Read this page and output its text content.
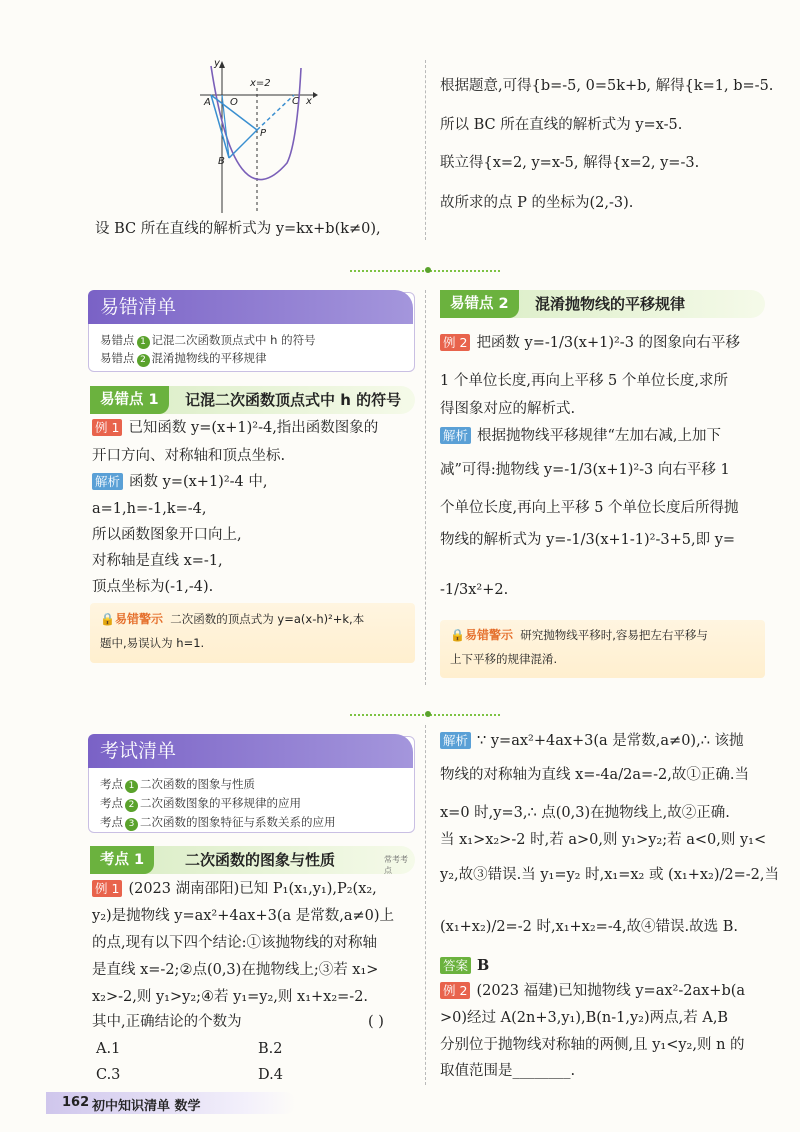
y
x=2
x
A O	C
P
B
设 BC 所在直线的解析式为 y=kx+b(k≠0),
根据题意,可得{b=-5, 0=5k+b, 解得{k=1, b=-5.
所以 BC 所在直线的解析式为 y=x-5.
联立得{x=2, y=x-5, 解得{x=2, y=-3.
故所求的点 P 的坐标为(2,-3).
易错清单
易错点 1 记混二次函数顶点式中 h 的符号
易错点 2 混淆抛物线的平移规律
易错点 1	记混二次函数顶点式中 h 的符号
例 1 已知函数 y=(x+1)²-4,指出函数图象的
开口方向、对称轴和顶点坐标.
解析 函数 y=(x+1)²-4 中,
a=1,h=-1,k=-4,
所以函数图象开口向上,
对称轴是直线 x=-1,
顶点坐标为(-1,-4).
🔒易错警示 二次函数的顶点式为 y=a(x-h)²+k,本
题中,易误认为 h=1.
易错点 2	混淆抛物线的平移规律
例 2 把函数 y=-1/3(x+1)²-3 的图象向右平移
1 个单位长度,再向上平移 5 个单位长度,求所
得图象对应的解析式.
解析 根据抛物线平移规律“左加右减,上加下
减”可得:抛物线 y=-1/3(x+1)²-3 向右平移 1
个单位长度,再向上平移 5 个单位长度后所得抛
物线的解析式为 y=-1/3(x+1-1)²-3+5,即 y=
-1/3x²+2.
🔒易错警示 研究抛物线平移时,容易把左右平移与
上下平移的规律混淆.
考试清单
考点 1 二次函数的图象与性质
考点 2 二次函数图象的平移规律的应用
考点 3 二次函数的图象特征与系数关系的应用
考点 1	二次函数的图象与性质	常考考点
例 1 (2023 湖南邵阳)已知 P₁(x₁,y₁),P₂(x₂,
y₂)是抛物线 y=ax²+4ax+3(a 是常数,a≠0)上
的点,现有以下四个结论:①该抛物线的对称轴
是直线 x=-2;②点(0,3)在抛物线上;③若 x₁>
x₂>-2,则 y₁>y₂;④若 y₁=y₂,则 x₁+x₂=-2.
其中,正确结论的个数为	( )
A.1	B.2
C.3	D.4
解析 ∵ y=ax²+4ax+3(a 是常数,a≠0),∴ 该抛
物线的对称轴为直线 x=-4a/2a=-2,故①正确.当
x=0 时,y=3,∴ 点(0,3)在抛物线上,故②正确.
当 x₁>x₂>-2 时,若 a>0,则 y₁>y₂;若 a<0,则 y₁<
y₂,故③错误.当 y₁=y₂ 时,x₁=x₂ 或 (x₁+x₂)/2=-2,当
(x₁+x₂)/2=-2 时,x₁+x₂=-4,故④错误.故选 B.
答案 B
例 2 (2023 福建)已知抛物线 y=ax²-2ax+b(a
>0)经过 A(2n+3,y₁),B(n-1,y₂)两点,若 A,B
分别位于抛物线对称轴的两侧,且 y₁<y₂,则 n 的
取值范围是________.
162 初中知识清单 数学
